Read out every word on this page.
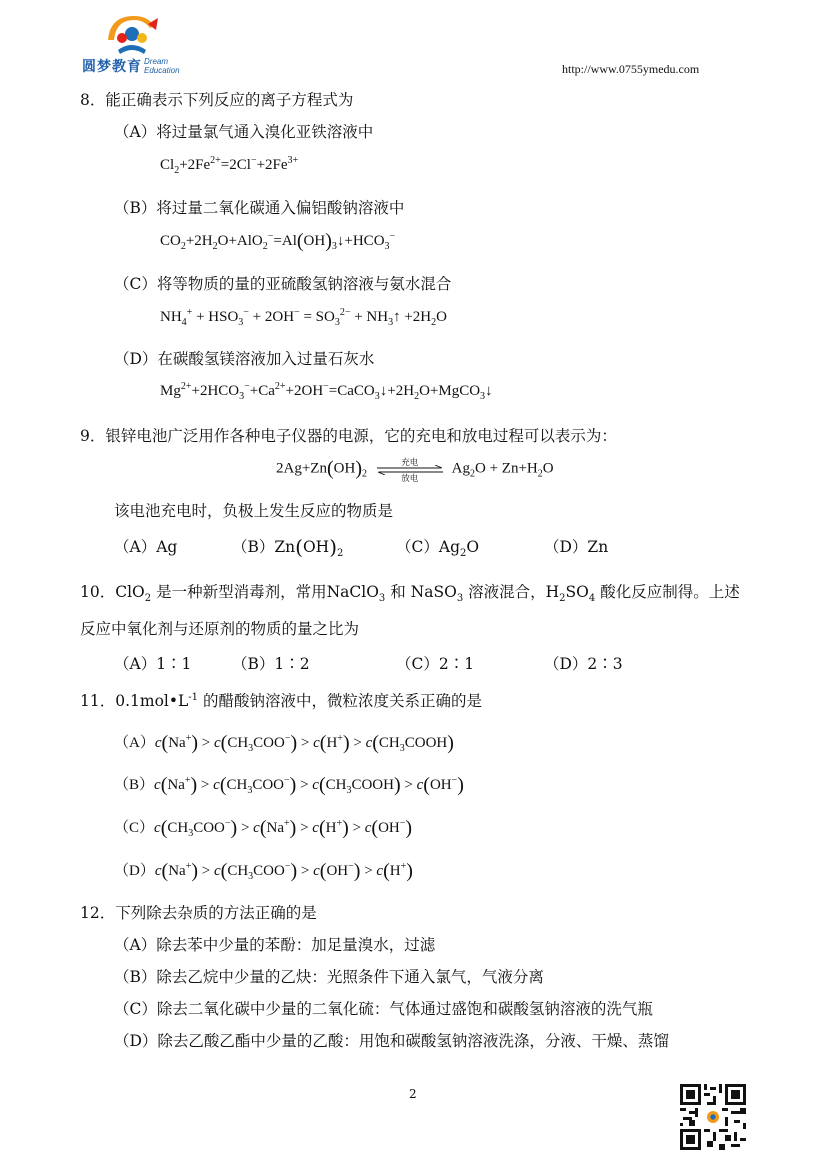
圆梦教育 Dream
Education	http://www.0755ymedu.com
8．能正确表示下列反应的离子方程式为
（A）将过量氯气通入溴化亚铁溶液中
$Cl_2+2Fe^{2+}=2Cl^-+2Fe^{3+}$
（B）将过量二氧化碳通入偏铝酸钠溶液中
$CO_2+2H_2O+AlO_2^-=Al(OH)_3↓+HCO_3^-$
（C）将等物质的量的亚硫酸氢钠溶液与氨水混合
$NH_4^+ + HSO_3^- + 2OH^- = SO_3^{2-}$ + $NH_3↑ +2H_2O$
（D）在碳酸氢镁溶液加入过量石灰水
$Mg^{2+}+2HCO_3^-+Ca^{2+}+2OH^-=CaCO_3↓+2H_2O+MgCO_3↓$
9．银锌电池广泛用作各种电子仪器的电源，它的充电和放电过程可以表示为：
$2Ag+Zn(OH)_2$
充电
放电
$Ag_2O + Zn+H_2O$
该电池充电时，负极上发生反应的物质是
（A）Ag	$(B)Zn(OH)_2$	$(C)Ag_2O$	（D）Zn
10．ClO$_2$ 是一种新型消毒剂，常用NaClO$_3$ 和 NaSO$_3$ 溶液混合，$H_2SO_4$ 酸化反应制得。上述
反应中氧化剂与还原剂的物质的量之比为
（A）1∶1	（B）1∶2	（C）2∶1	（D）2∶3
11．$0.1mol•L^{-1}$ 的醋酸钠溶液中，微粒浓度关系正确的是
$(A)c(Na^+) > c(CH_3COO^-) > c(H^+)$ > $c(CH_3COOH)$
$(B)c(Na^+) > c(CH_3COO^-)$ > $c(CH_3COOH) > c(OH^-)$
$(C)c(CH_3COO^-) > c(Na^+) > c(H^+) > c(OH^-)$
$(D)c(Na^+) > c(CH_3COO^-) > c(OH^-) > c(H^+)$
12．下列除去杂质的方法正确的是
（A）除去苯中少量的苯酚：加足量溴水，过滤
（B）除去乙烷中少量的乙炔：光照条件下通入氯气，气液分离
（C）除去二氧化碳中少量的二氧化硫：气体通过盛饱和碳酸氢钠溶液的洗气瓶
（D）除去乙酸乙酯中少量的乙酸：用饱和碳酸氢钠溶液洗涤，分液、干燥、蒸馏
2
